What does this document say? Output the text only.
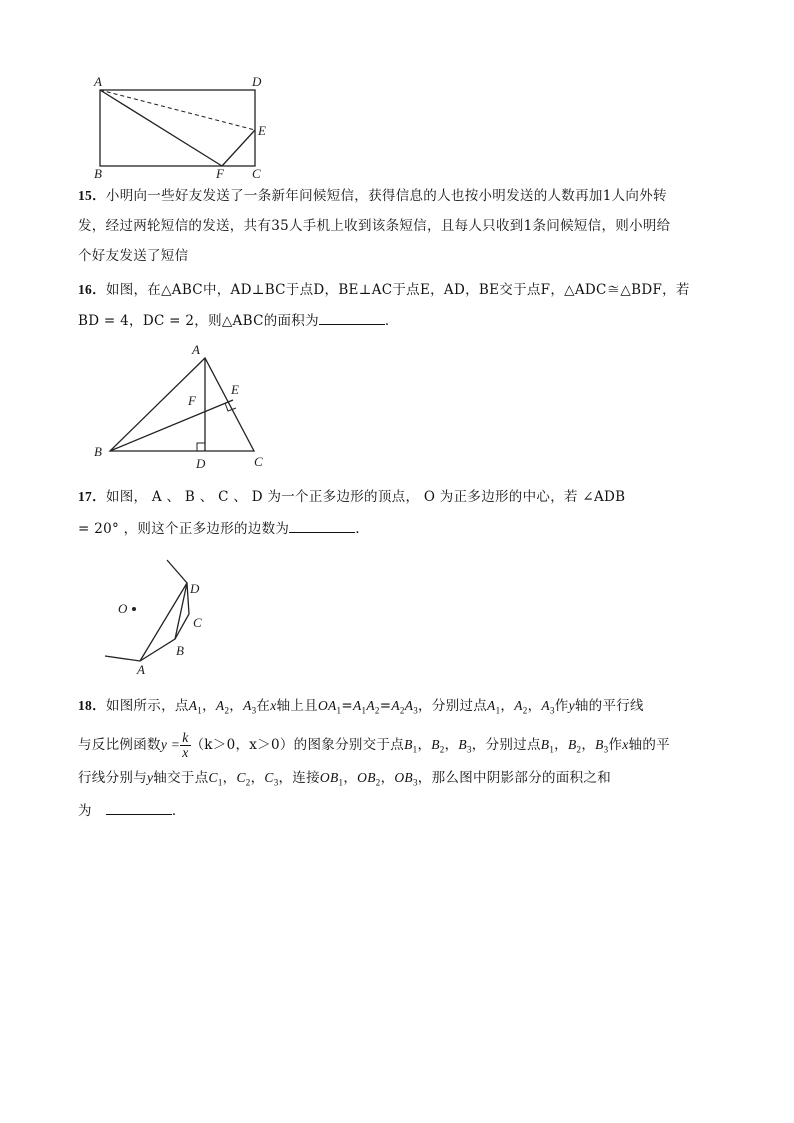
A	D
E
B	F C
15．小明向一些好友发送了一条新年问候短信，获得信息的人也按小明发送的人数再加1人向外转
发，经过两轮短信的发送，共有35人手机上收到该条短信，且每人只收到1条问候短信，则小明给
个好友发送了短信
16．如图，在△ABC中，AD⊥BC于点D，BE⊥AC于点E，AD，BE交于点F，△ADC≅△BDF，若
BD = 4，DC = 2，则△ABC的面积为	．
A
E
F
B
D	C
17．如图， A 、 B 、 C 、 D 为一个正多边形的顶点， O 为正多边形的中心，若 ∠ADB
= 20° ，则这个正多边形的边数为	.
O
D
C
B
A
18．如图所示，点$A_1$，$A_2$，$A_3$在x轴上且$OA_1=A_1A_2=A_2A_3$，分别过点$A_1$，$A_2$，$A_3$作y轴的平行线
与反比例函数$y = \frac{k}{x} (k>0$，x＞0）的图象分别交于点$B_1$，$B_2$，$B_3$，分别过点$B_1$，$B_2$，$B_3$作x轴的平
行线分别与y轴交于点$C_1$，$C_2$，$C_3$，连接$OB_1$，$OB_2$，$OB_3$，那么图中阴影部分的面积之和
为	．
